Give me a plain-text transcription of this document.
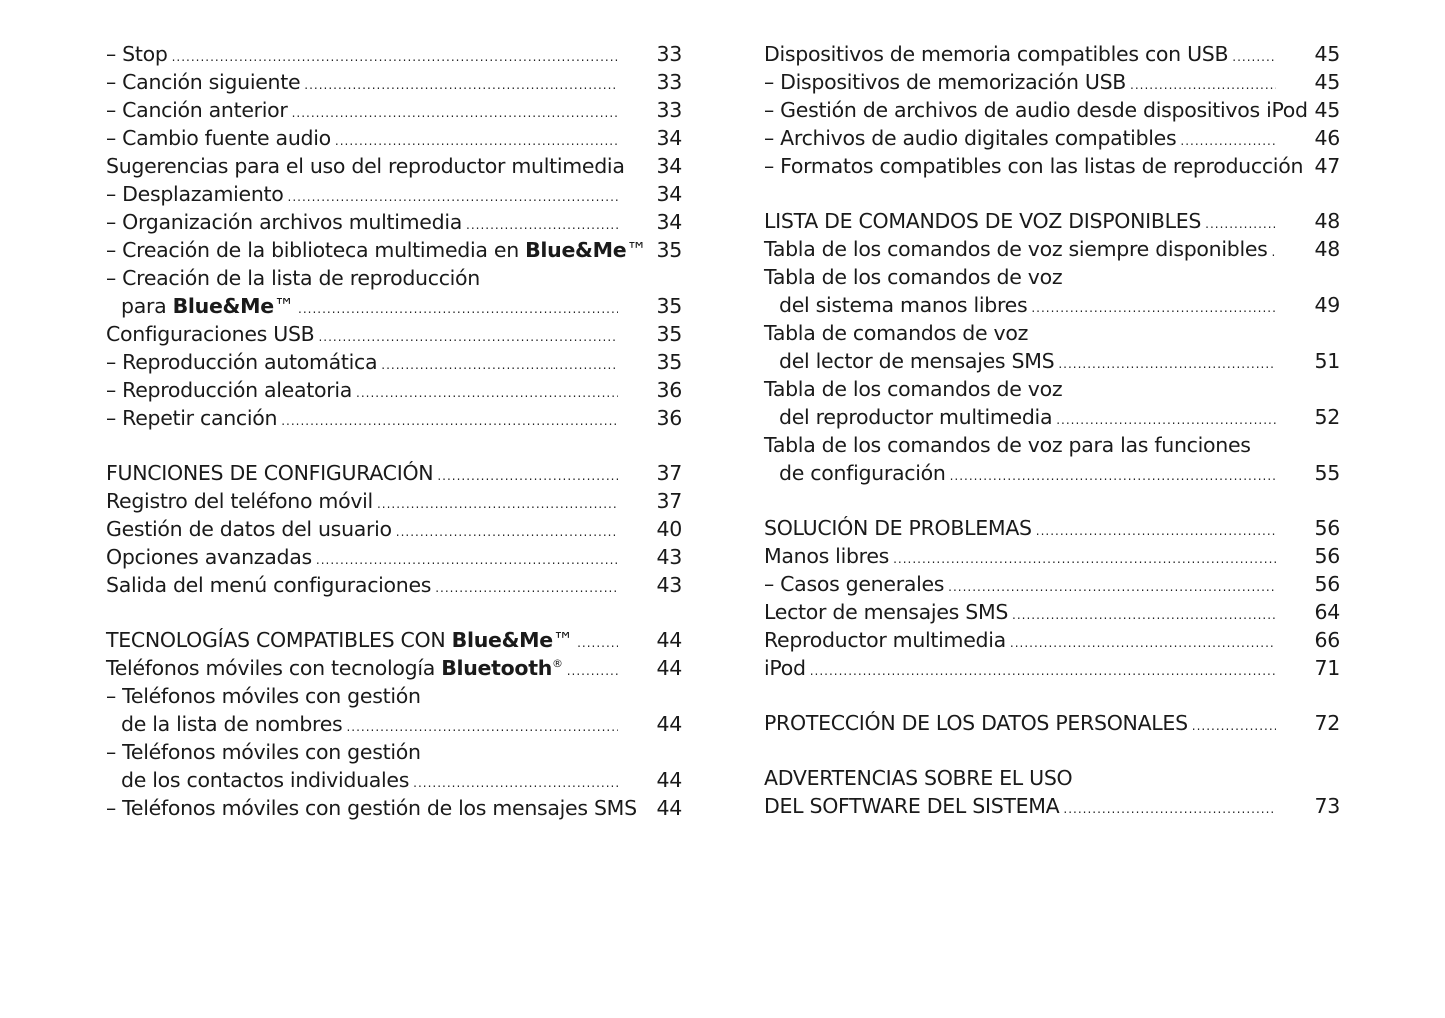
– Stop .....	33
– Canción siguiente .....	33
– Canción anterior .....	33
– Cambio fuente audio .....	34
Sugerencias para el uso del reproductor multimedia	34
– Desplazamiento .....	34
– Organización archivos multimedia .....	34
– Creación de la biblioteca multimedia en Blue&Me™ 35
– Creación de la lista de reproducción
para Blue&Me™ .....	35
Configuraciones USB .....	35
– Reproducción automática .....	35
– Reproducción aleatoria .....	36
– Repetir canción .....	36
FUNCIONES DE CONFIGURACIÓN .....	37
Registro del teléfono móvil .....	37
Gestión de datos del usuario .....	40
Opciones avanzadas .....	43
Salida del menú configuraciones .....	43
TECNOLOGÍAS COMPATIBLES CON Blue&Me™ .....	44
Teléfonos móviles con tecnología Bluetooth® .....	44
– Teléfonos móviles con gestión
de la lista de nombres .....	44
– Teléfonos móviles con gestión
de los contactos individuales .....	44
– Teléfonos móviles con gestión de los mensajes SMS 44
Dispositivos de memoria compatibles con USB .....	45
– Dispositivos de memorización USB .....	45
– Gestión de archivos de audio desde dispositivos iPod 45
– Archivos de audio digitales compatibles .....	46
– Formatos compatibles con las listas de reproducción 47
LISTA DE COMANDOS DE VOZ DISPONIBLES .....	48
Tabla de los comandos de voz siempre disponibles .....	48
Tabla de los comandos de voz
del sistema manos libres .....	49
Tabla de comandos de voz
del lector de mensajes SMS .....	51
Tabla de los comandos de voz
del reproductor multimedia .....	52
Tabla de los comandos de voz para las funciones
de configuración .....	55
SOLUCIÓN DE PROBLEMAS .....	56
Manos libres .....	56
– Casos generales .....	56
Lector de mensajes SMS .....	64
Reproductor multimedia .....	66
iPod .....	71
PROTECCIÓN DE LOS DATOS PERSONALES .....	72
ADVERTENCIAS SOBRE EL USO
DEL SOFTWARE DEL SISTEMA .....	73
